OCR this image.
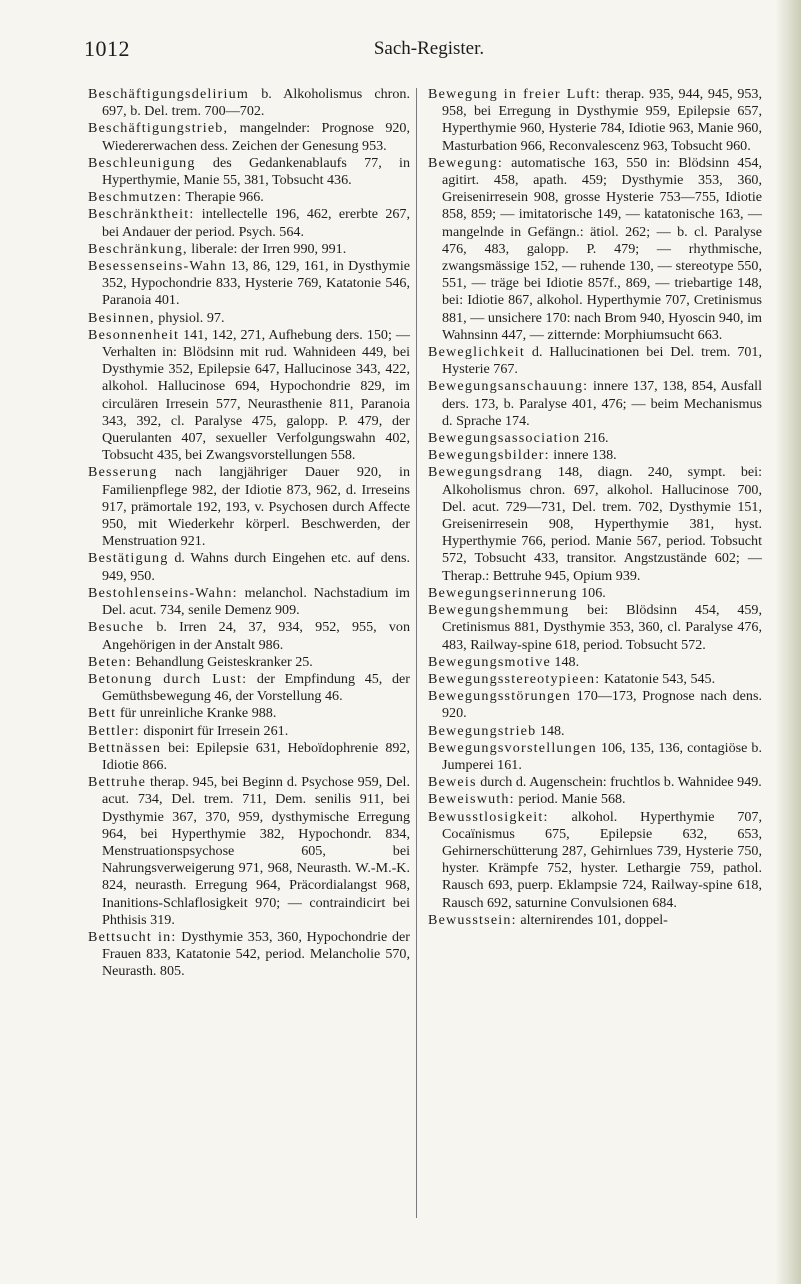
1012	Sach-Register.

Beschäftigungsdelirium b. Alkoholismus chron. 697, b. Del. trem. 700—702.

Beschäftigungstrieb, mangelnder: Prognose 920, Wiedererwachen dess. Zeichen der Genesung 953.

Beschleunigung des Gedankenablaufs 77, in Hyperthymie, Manie 55, 381, Tobsucht 436.

Beschmutzen: Therapie 966.

Beschränktheit: intellectelle 196, 462, ererbte 267, bei Andauer der period. Psych. 564.

Beschränkung, liberale: der Irren 990, 991.

Besessenseins-Wahn 13, 86, 129, 161, in Dysthymie 352, Hypochondrie 833, Hysterie 769, Katatonie 546, Paranoia 401.

Besinnen, physiol. 97.

Besonnenheit 141, 142, 271, Aufhebung ders. 150; — Verhalten in: Blödsinn mit rud. Wahnideen 449, bei Dysthymie 352, Epilepsie 647, Hallucinose 343, 422, alkohol. Hallucinose 694, Hypochondrie 829, im circulären Irresein 577, Neurasthenie 811, Paranoia 343, 392, cl. Paralyse 475, galopp. P. 479, der Querulanten 407, sexueller Verfolgungswahn 402, Tobsucht 435, bei Zwangsvorstellungen 558.

Besserung nach langjähriger Dauer 920, in Familienpflege 982, der Idiotie 873, 962, d. Irreseins 917, prämortale 192, 193, v. Psychosen durch Affecte 950, mit Wiederkehr körperl. Beschwerden, der Menstruation 921.

Bestätigung d. Wahns durch Eingehen etc. auf dens. 949, 950.

Bestohlenseins-Wahn: melanchol. Nachstadium im Del. acut. 734, senile Demenz 909.

Besuche b. Irren 24, 37, 934, 952, 955, von Angehörigen in der Anstalt 986.

Beten: Behandlung Geisteskranker 25.

Betonung durch Lust: der Empfindung 45, der Gemüthsbewegung 46, der Vorstellung 46.

Bett für unreinliche Kranke 988.

Bettler: disponirt für Irresein 261.

Bettnässen bei: Epilepsie 631, Heboïdophrenie 892, Idiotie 866.

Bettruhe therap. 945, bei Beginn d. Psychose 959, Del. acut. 734, Del. trem. 711, Dem. senilis 911, bei Dysthymie 367, 370, 959, dysthymische Erregung 964, bei Hyperthymie 382, Hypochondr. 834, Menstruationspsychose 605, bei Nahrungsverweigerung 971, 968, Neurasth. W.-M.-K. 824, neurasth. Erregung 964, Präcordialangst 968, Inanitions-Schlaflosigkeit 970; — contraindicirt bei Phthisis 319.

Bettsucht in: Dysthymie 353, 360, Hypochondrie der Frauen 833, Katatonie 542, period. Melancholie 570, Neurasth. 805.

Bewegung in freier Luft: therap. 935, 944, 945, 953, 958, bei Erregung in Dysthymie 959, Epilepsie 657, Hyperthymie 960, Hysterie 784, Idiotie 963, Manie 960, Masturbation 966, Reconvalescenz 963, Tobsucht 960.

Bewegung: automatische 163, 550 in: Blödsinn 454, agitirt. 458, apath. 459; Dysthymie 353, 360, Greisenirresein 908, grosse Hysterie 753—755, Idiotie 858, 859; — imitatorische 149, — katatonische 163, — mangelnde in Gefängn.: ätiol. 262; — b. cl. Paralyse 476, 483, galopp. P. 479; — rhythmische, zwangsmässige 152, — ruhende 130, — stereotype 550, 551, — träge bei Idiotie 857f., 869, — triebartige 148, bei: Idiotie 867, alkohol. Hyperthymie 707, Cretinismus 881, — unsichere 170: nach Brom 940, Hyoscin 940, im Wahnsinn 447, — zitternde: Morphiumsucht 663.

Beweglichkeit d. Hallucinationen bei Del. trem. 701, Hysterie 767.

Bewegungsanschauung: innere 137, 138, 854, Ausfall ders. 173, b. Paralyse 401, 476; — beim Mechanismus d. Sprache 174.

Bewegungsassociation 216.

Bewegungsbilder: innere 138.

Bewegungsdrang 148, diagn. 240, sympt. bei: Alkoholismus chron. 697, alkohol. Hallucinose 700, Del. acut. 729—731, Del. trem. 702, Dysthymie 151, Greisenirresein 908, Hyperthymie 381, hyst. Hyperthymie 766, period. Manie 567, period. Tobsucht 572, Tobsucht 433, transitor. Angstzustände 602; — Therap.: Bettruhe 945, Opium 939.

Bewegungserinnerung 106.

Bewegungshemmung bei: Blödsinn 454, 459, Cretinismus 881, Dysthymie 353, 360, cl. Paralyse 476, 483, Railway-spine 618, period. Tobsucht 572.

Bewegungsmotive 148.

Bewegungsstereotypieen: Katatonie 543, 545.

Bewegungsstörungen 170—173, Prognose nach dens. 920.

Bewegungstrieb 148.

Bewegungsvorstellungen 106, 135, 136, contagiöse b. Jumperei 161.

Beweis durch d. Augenschein: fruchtlos b. Wahnidee 949.

Beweiswuth: period. Manie 568.

Bewusstlosigkeit: alkohol. Hyperthymie 707, Cocaïnismus 675, Epilepsie 632, 653, Gehirnerschütterung 287, Gehirnlues 739, Hysterie 750, hyster. Krämpfe 752, hyster. Lethargie 759, pathol. Rausch 693, puerp. Eklampsie 724, Railway-spine 618, Rausch 692, saturnine Convulsionen 684.

Bewusstsein: alternirendes 101, doppel-
